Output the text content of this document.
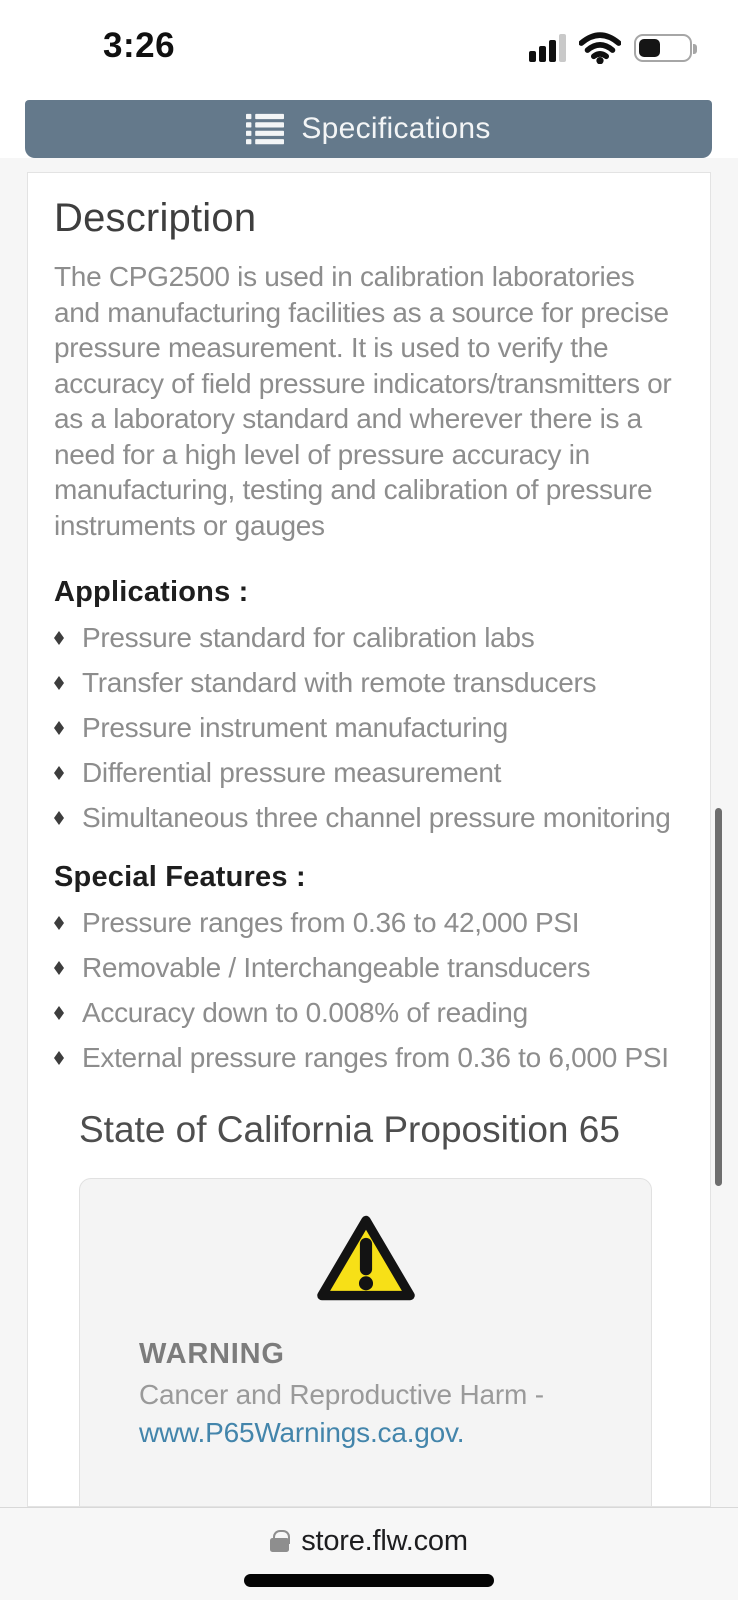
3:26
Specifications
Description

The CPG2500 is used in calibration laboratories and manufacturing facilities as a source for precise pressure measurement. It is used to verify the accuracy of field pressure indicators/transmitters or as a laboratory standard and wherever there is a need for a high level of pressure accuracy in manufacturing, testing and calibration of pressure instruments or gauges

Applications :
Pressure standard for calibration labs
Transfer standard with remote transducers
Pressure instrument manufacturing
Differential pressure measurement
Simultaneous three channel pressure monitoring
Special Features :
Pressure ranges from 0.36 to 42,000 PSI
Removable / Interchangeable transducers
Accuracy down to 0.008% of reading
External pressure ranges from 0.36 to 6,000 PSI
State of California Proposition 65
WARNING
Cancer and Reproductive Harm -
www.P65Warnings.ca.gov.
store.flw.com
